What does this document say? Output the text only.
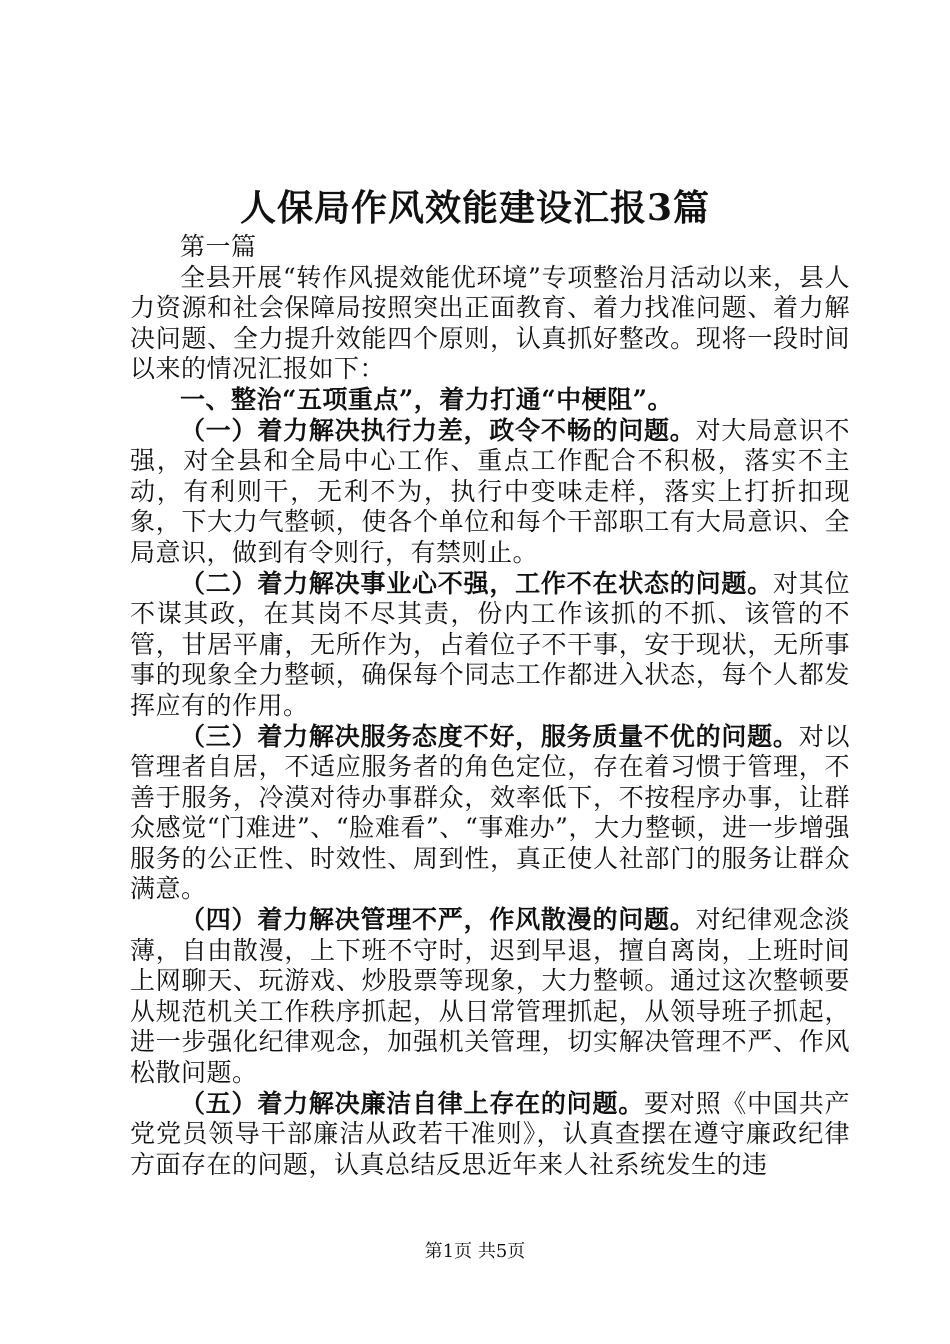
人保局作风效能建设汇报3篇

第一篇

全县开展“转作风提效能优环境”专项整治月活动以来，县人力资源和社会保障局按照突出正面教育、着力找准问题、着力解决问题、全力提升效能四个原则，认真抓好整改。现将一段时间以来的情况汇报如下：

一、整治“五项重点”，着力打通“中梗阻”。

（一）着力解决执行力差，政令不畅的问题。对大局意识不强，对全县和全局中心工作、重点工作配合不积极，落实不主动，有利则干，无利不为，执行中变味走样，落实上打折扣现象，下大力气整顿，使各个单位和每个干部职工有大局意识、全局意识，做到有令则行，有禁则止。

（二）着力解决事业心不强，工作不在状态的问题。对其位不谋其政，在其岗不尽其责，份内工作该抓的不抓、该管的不管，甘居平庸，无所作为，占着位子不干事，安于现状，无所事事的现象全力整顿，确保每个同志工作都进入状态，每个人都发挥应有的作用。

（三）着力解决服务态度不好，服务质量不优的问题。对以管理者自居，不适应服务者的角色定位，存在着习惯于管理，不善于服务，冷漠对待办事群众，效率低下，不按程序办事，让群众感觉“门难进”、“脸难看”、“事难办”，大力整顿，进一步增强服务的公正性、时效性、周到性，真正使人社部门的服务让群众满意。

（四）着力解决管理不严，作风散漫的问题。对纪律观念淡薄，自由散漫，上下班不守时，迟到早退，擅自离岗，上班时间上网聊天、玩游戏、炒股票等现象，大力整顿。通过这次整顿要从规范机关工作秩序抓起，从日常管理抓起，从领导班子抓起，进一步强化纪律观念，加强机关管理，切实解决管理不严、作风松散问题。

（五）着力解决廉洁自律上存在的问题。要对照《中国共产党党员领导干部廉洁从政若干准则》，认真查摆在遵守廉政纪律方面存在的问题，认真总结反思近年来人社系统发生的违

第1页 共5页
